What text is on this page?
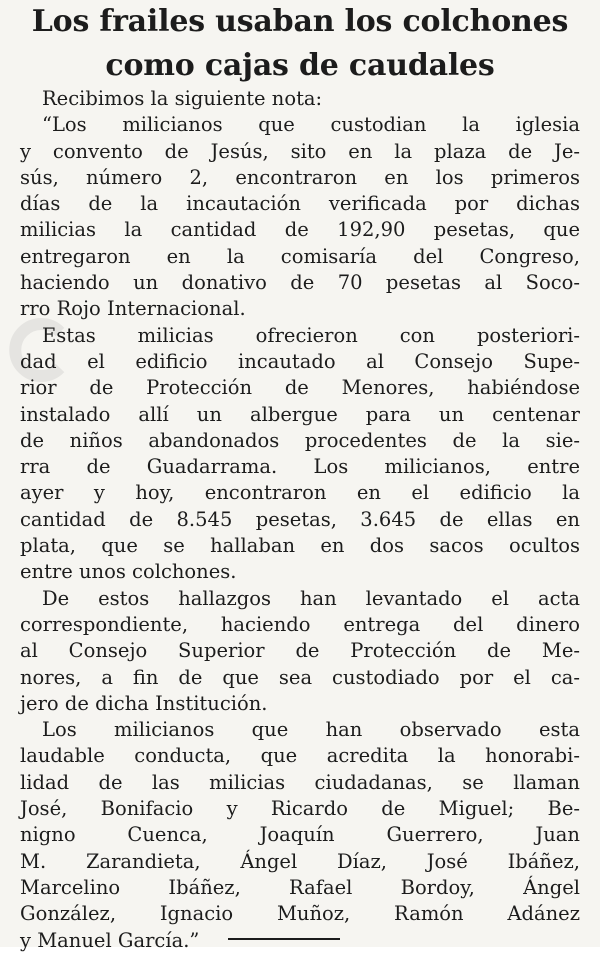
Los frailes usaban los colchones
como cajas de caudales
Recibimos la siguiente nota:
“Los milicianos que custodian la iglesia
y convento de Jesús, sito en la plaza de Je-
sús, número 2, encontraron en los primeros
días de la incautación verificada por dichas
milicias la cantidad de 192,90 pesetas, que
entregaron en la comisaría del Congreso,
haciendo un donativo de 70 pesetas al Soco-
rro Rojo Internacional.
Estas milicias ofrecieron con posteriori-
dad el edificio incautado al Consejo Supe-
rior de Protección de Menores, habiéndose
instalado allí un albergue para un centenar
de niños abandonados procedentes de la sie-
rra de Guadarrama. Los milicianos, entre
ayer y hoy, encontraron en el edificio la
cantidad de 8.545 pesetas, 3.645 de ellas en
plata, que se hallaban en dos sacos ocultos
entre unos colchones.
De estos hallazgos han levantado el acta
correspondiente, haciendo entrega del dinero
al Consejo Superior de Protección de Me-
nores, a fin de que sea custodiado por el ca-
jero de dicha Institución.
Los milicianos que han observado esta
laudable conducta, que acredita la honorabi-
lidad de las milicias ciudadanas, se llaman
José, Bonifacio y Ricardo de Miguel; Be-
nigno Cuenca, Joaquín Guerrero, Juan
M. Zarandieta, Ángel Díaz, José Ibáñez,
Marcelino Ibáñez, Rafael Bordoy, Ángel
González, Ignacio Muñoz, Ramón Adánez
y Manuel García.”
